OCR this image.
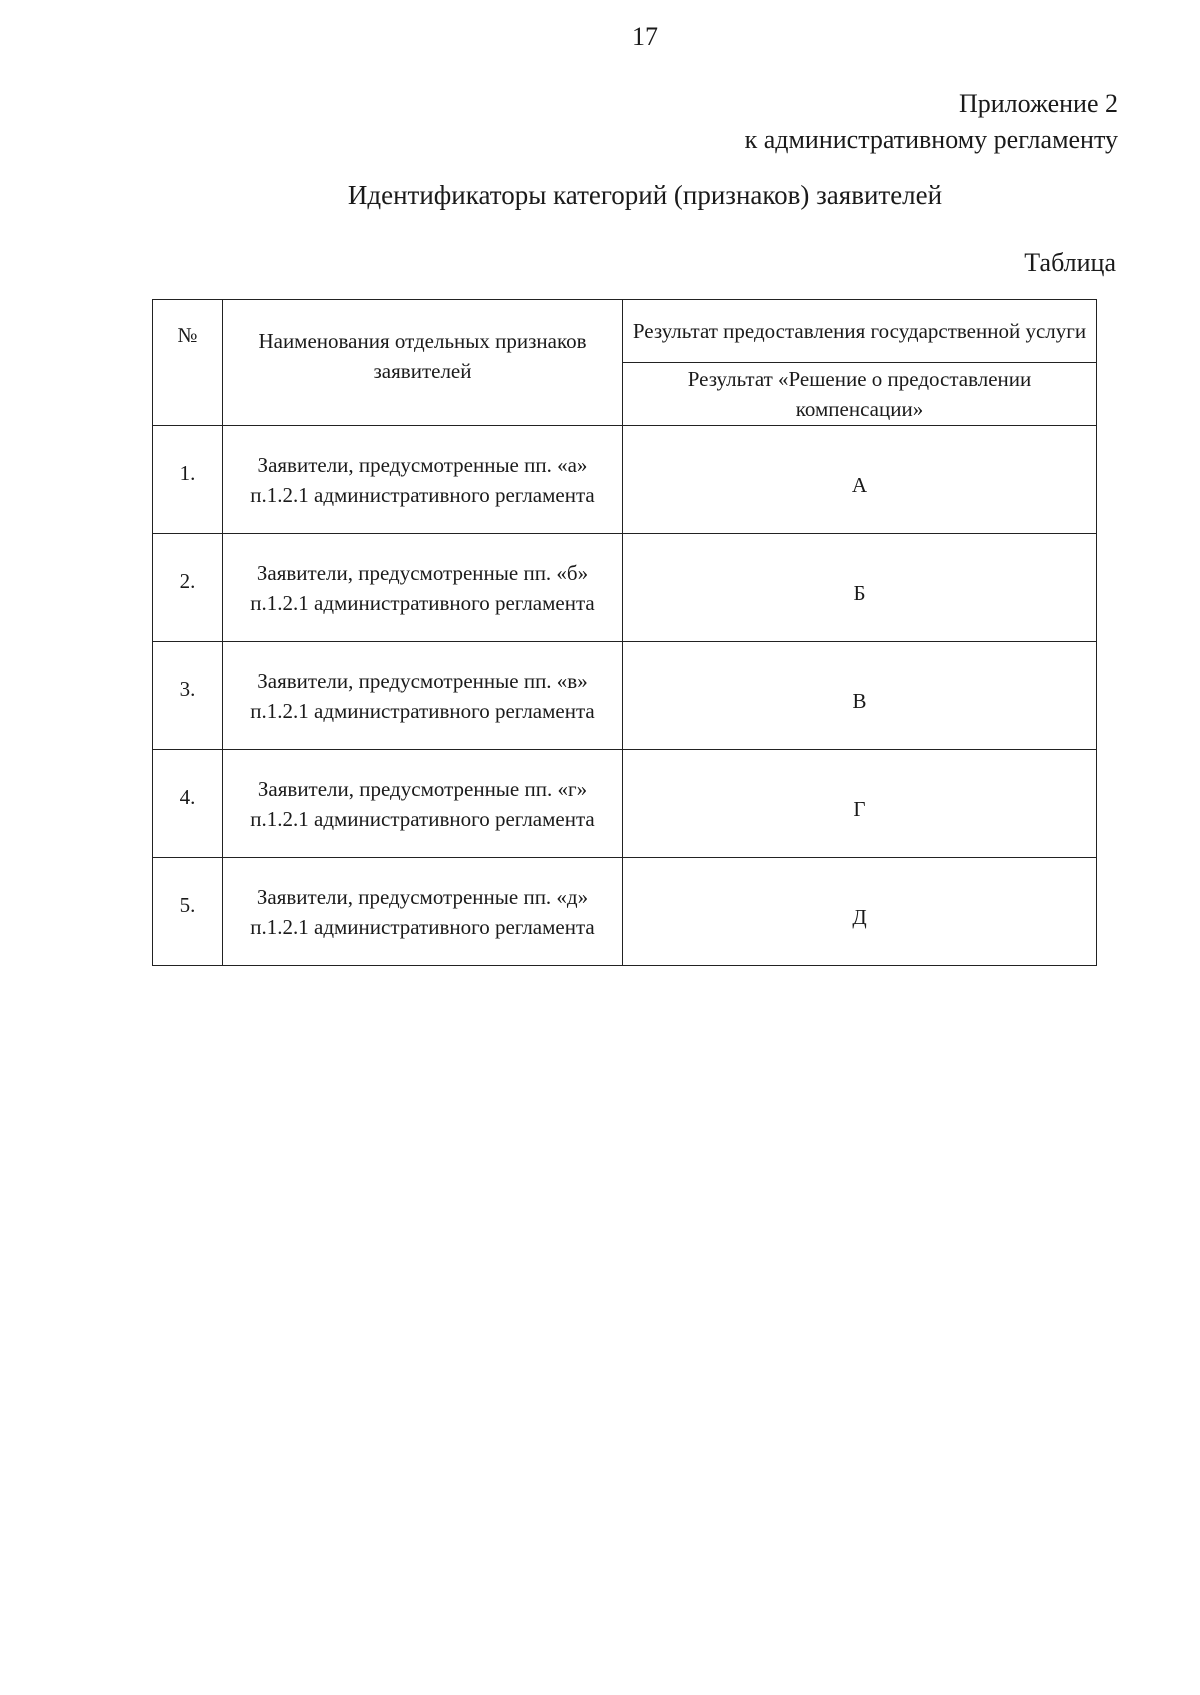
17
Приложение 2
к административному регламенту
Идентификаторы категорий (признаков) заявителей
Таблица
№	Наименования отдельных признаков заявителей	Результат предоставления государственной услуги
		Результат «Решение о предоставлении компенсации»
1.	Заявители, предусмотренные пп. «а» п.1.2.1 административного регламента	А
2.	Заявители, предусмотренные пп. «б» п.1.2.1 административного регламента	Б
3.	Заявители, предусмотренные пп. «в» п.1.2.1 административного регламента	В
4.	Заявители, предусмотренные пп. «г» п.1.2.1 административного регламента	Г
5.	Заявители, предусмотренные пп. «д» п.1.2.1 административного регламента	Д
